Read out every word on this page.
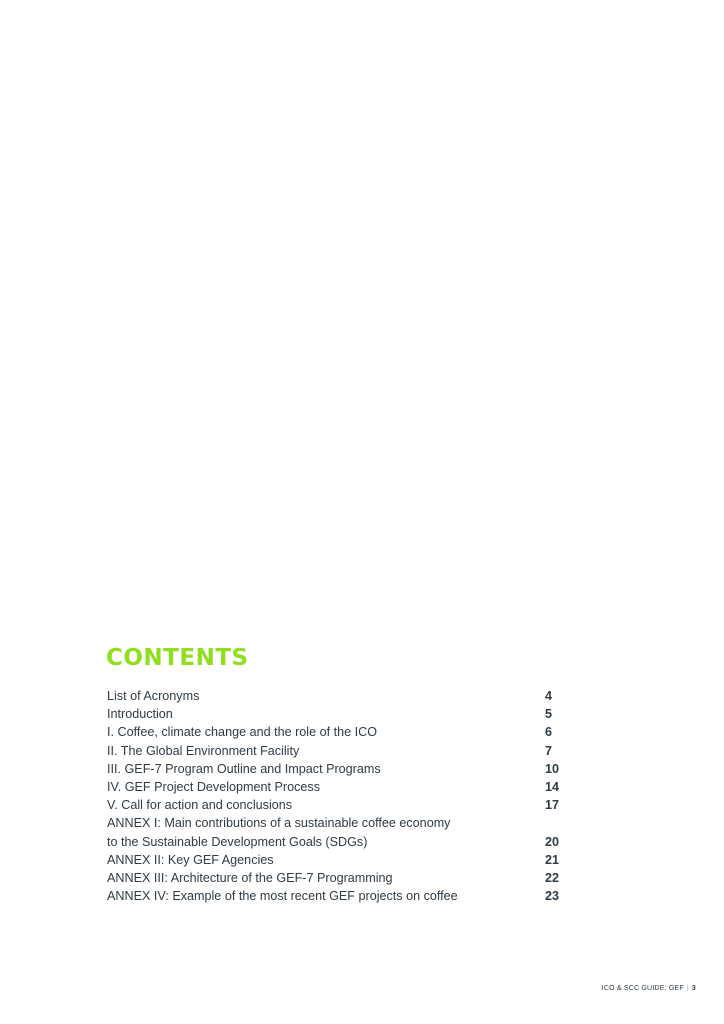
CONTENTS
List of Acronyms	4
Introduction	5
I. Coffee, climate change and the role of the ICO	6
II. The Global Environment Facility	7
III. GEF-7 Program Outline and Impact Programs	10
IV. GEF Project Development Process	14
V. Call for action and conclusions	17
ANNEX I: Main contributions of a sustainable coffee economy
to the Sustainable Development Goals (SDGs)	20
ANNEX II: Key GEF Agencies	21
ANNEX III: Architecture of the GEF-7 Programming	22
ANNEX IV: Example of the most recent GEF projects on coffee	23
ICO & SCC GUIDE: GEF | 3
